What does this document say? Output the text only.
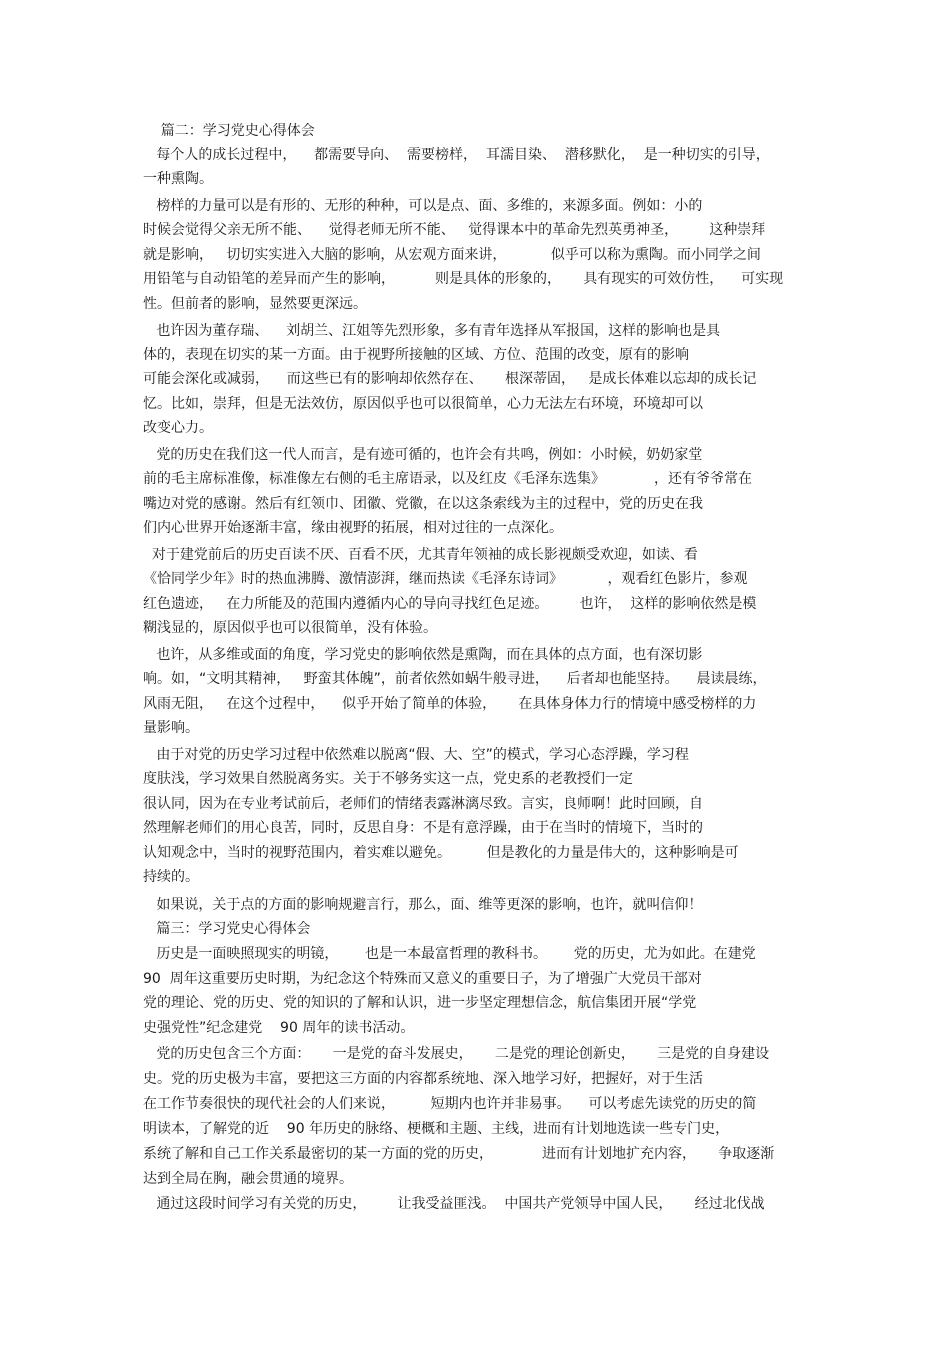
篇二：学习党史心得体会
每个人的成长过程中，    都需要导向、  需要榜样，  耳濡目染、  潜移默化，  是一种切实的引导，
一种熏陶。
榜样的力量可以是有形的、无形的种种，可以是点、面、多维的，来源多面。例如：小的
时候会觉得父亲无所不能、    觉得老师无所不能、   觉得课本中的革命先烈英勇神圣，       这种崇拜
就是影响，   切切实实进入大脑的影响，从宏观方面来讲，          似乎可以称为熏陶。而小同学之间
用铅笔与自动铅笔的差异而产生的影响，         则是具体的形象的，     具有现实的可效仿性，    可实现
性。但前者的影响，显然要更深远。
也许因为董存瑞、    刘胡兰、江姐等先烈形象，多有青年选择从军报国，这样的影响也是具
体的，表现在切实的某一方面。由于视野所接触的区域、方位、范围的改变，原有的影响
可能会深化或减弱，    而这些已有的影响却依然存在、     根深蒂固，   是成长体难以忘却的成长记
忆。比如，崇拜，但是无法效仿，原因似乎也可以很简单，心力无法左右环境，环境却可以
改变心力。
党的历史在我们这一代人而言，是有迹可循的，也许会有共鸣，例如：小时候，奶奶家堂
前的毛主席标准像，标准像左右侧的毛主席语录，以及红皮《毛泽东选集》           ，还有爷爷常在
嘴边对党的感谢。然后有红领巾、团徽、党徽，在以这条索线为主的过程中，党的历史在我
们内心世界开始逐渐丰富，缘由视野的拓展，相对过往的一点深化。
对于建党前后的历史百读不厌、百看不厌，尤其青年领袖的成长影视颇受欢迎，如读、看
《恰同学少年》时的热血沸腾、激情澎湃，继而热读《毛泽东诗词》          ，观看红色影片，参观
红色遗迹，   在力所能及的范围内遵循内心的导向寻找红色足迹。       也许，  这样的影响依然是模
糊浅显的，原因似乎也可以很简单，没有体验。
也许，从多维或面的角度，学习党史的影响依然是熏陶，而在具体的点方面，也有深切影
响。如，“文明其精神，   野蛮其体魄”，前者依然如蜗牛般寻进，    后者却也能坚持。    晨读晨练，
风雨无阻，   在这个过程中，    似乎开始了简单的体验，     在具体身体力行的情境中感受榜样的力
量影响。
由于对党的历史学习过程中依然难以脱离“假、大、空”的模式，学习心态浮躁，学习程
度肤浅，学习效果自然脱离务实。关于不够务实这一点，党史系的老教授们一定
很认同，因为在专业考试前后，老师们的情绪表露淋漓尽致。言实，良师啊！此时回顾，自
然理解老师们的用心良苦，同时，反思自身：不是有意浮躁，由于在当时的情境下，当时的
认知观念中，当时的视野范围内，着实难以避免。        但是教化的力量是伟大的，这种影响是可
持续的。
如果说，关于点的方面的影响规避言行，那么，面、维等更深的影响，也许，就叫信仰！
篇三：学习党史心得体会
历史是一面映照现实的明镜，      也是一本最富哲理的教科书。      党的历史，尤为如此。在建党
90  周年这重要历史时期，为纪念这个特殊而又意义的重要日子，为了增强广大党员干部对
党的理论、党的历史、党的知识的了解和认识，进一步坚定理想信念，航信集团开展“学党
史强党性”纪念建党    90 周年的读书活动。
党的历史包含三个方面：     一是党的奋斗发展史，     二是党的理论创新史，     三是党的自身建设
史。党的历史极为丰富，要把这三方面的内容都系统地、深入地学习好，把握好，对于生活
在工作节奏很快的现代社会的人们来说，        短期内也许并非易事。    可以考虑先读党的历史的简
明读本，了解党的近    90 年历史的脉络、梗概和主题、主线，进而有计划地选读一些专门史，
系统了解和自己工作关系最密切的某一方面的党的历史，           进而有计划地扩充内容，     争取逐渐
达到全局在胸，融会贯通的境界。
通过这段时间学习有关党的历史，       让我受益匪浅。  中国共产党领导中国人民，     经过北伐战
